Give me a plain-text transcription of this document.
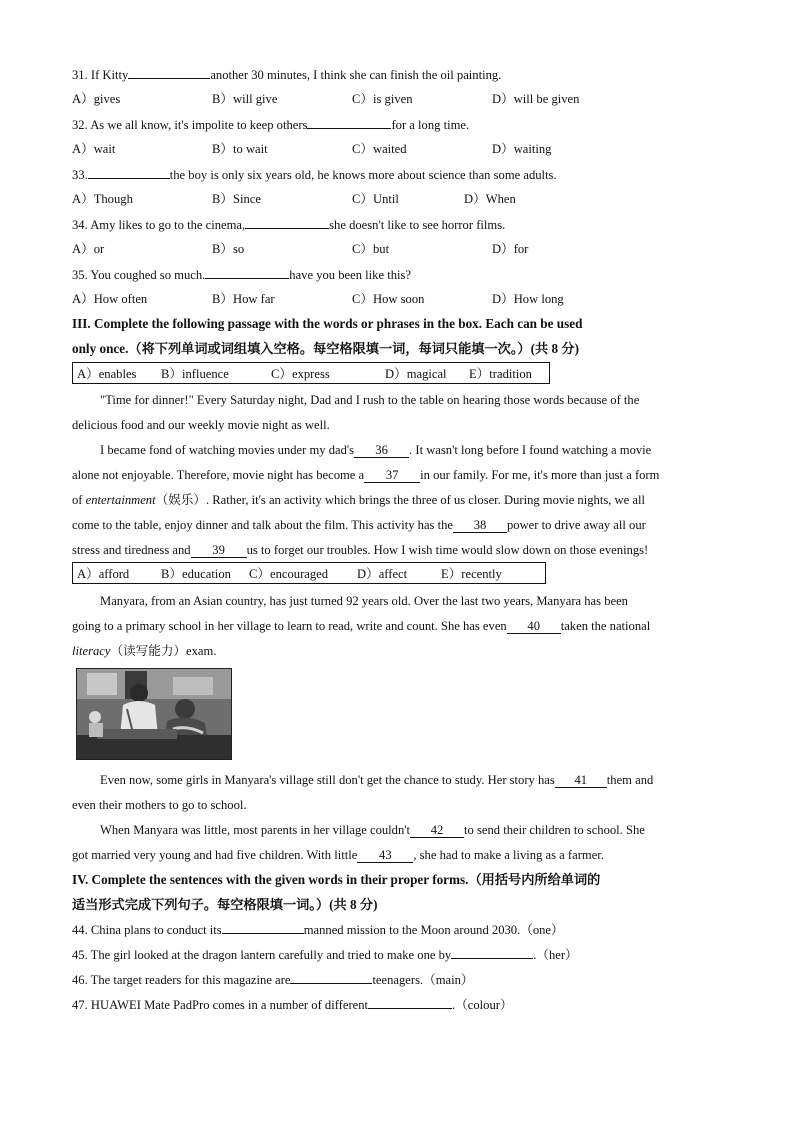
31. If Kitty	another 30 minutes, I think she can finish the oil painting.
A）gives	B）will give	C）is given	D）will be given
32. As we all know, it's impolite to keep others	for a long time.
A）wait	B）to wait	C）waited	D）waiting
33.	the boy is only six years old, he knows more about science than some adults.
A）Though	B）Since	C）Until	D）When
34. Amy likes to go to the cinema,	she doesn't like to see horror films.
A）or	B）so	C）but	D）for
35. You coughed so much.	have you been like this?
A）How often	B）How far	C）How soon	D）How long
III. Complete the following passage with the words or phrases in the box. Each can be used
only once.（将下列单词或词组填入空格。每空格限填一词，每词只能填一次。）(共 8 分)
A）enables B）influence	C）express	D）magical E）tradition
"Time for dinner!" Every Saturday night, Dad and I rush to the table on hearing those words because of the
delicious food and our weekly movie night as well.
I became fond of watching movies under my dad's 36 . It wasn't long before I found watching a movie
alone not enjoyable. Therefore, movie night has become a 37 in our family. For me, it's more than just a form
of entertainment（娱乐）. Rather, it's an activity which brings the three of us closer. During movie nights, we all
come to the table, enjoy dinner and talk about the film. This activity has the 38 power to drive away all our
stress and tiredness and 39 us to forget our troubles. How I wish time would slow down on those evenings!
A）afford	B）education C）encouraged D）affect	E）recently
Manyara, from an Asian country, has just turned 92 years old. Over the last two years, Manyara has been
going to a primary school in her village to learn to read, write and count. She has even 40 taken the national
literacy（读写能力）exam.
Even now, some girls in Manyara's village still don't get the chance to study. Her story has 41 them and
even their mothers to go to school.
When Manyara was little, most parents in her village couldn't 42 to send their children to school. She
got married very young and had five children. With little 43 , she had to make a living as a farmer.
IV. Complete the sentences with the given words in their proper forms.（用括号内所给单词的
适当形式完成下列句子。每空格限填一词。）(共 8 分)
44. China plans to conduct its	manned mission to the Moon around 2030.（one）
45. The girl looked at the dragon lantern carefully and tried to make one by	.（her）
46. The target readers for this magazine are	teenagers.（main）
47. HUAWEI Mate PadPro comes in a number of different	.（colour）
